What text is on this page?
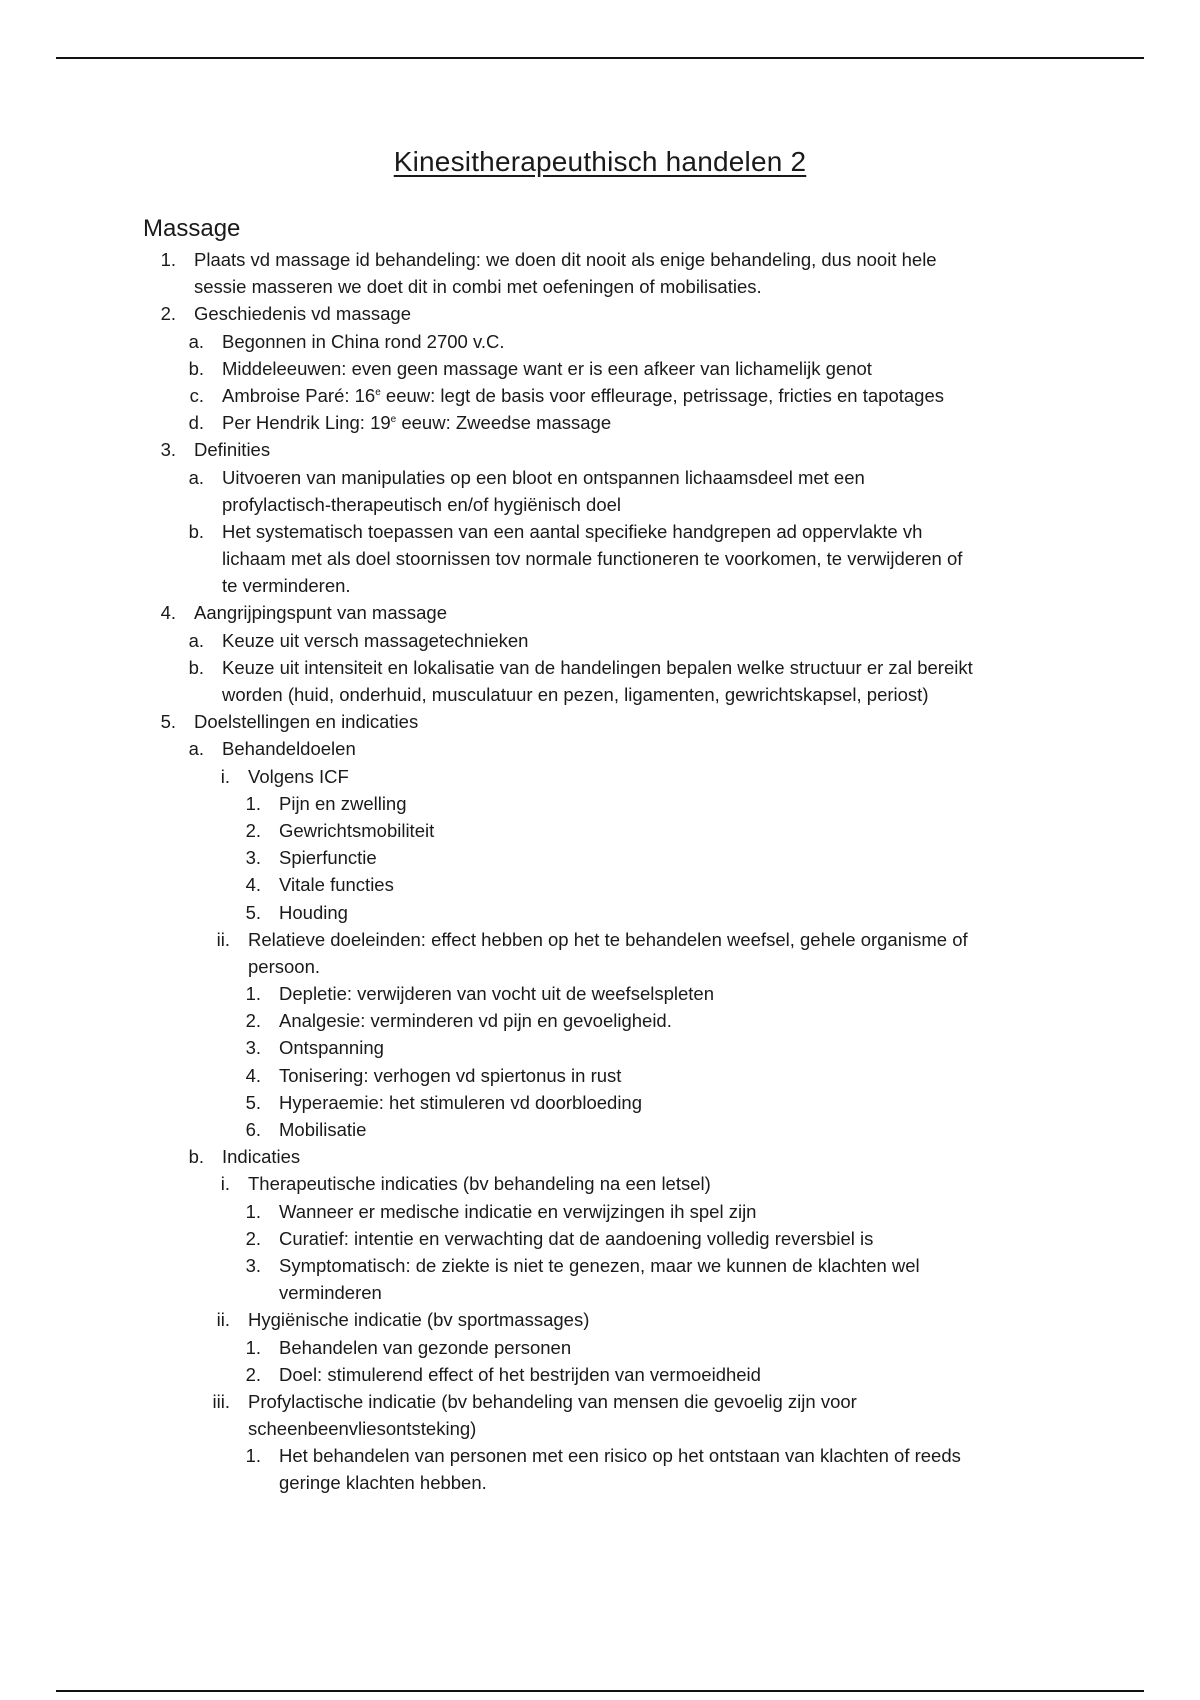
Kinesitherapeuthisch handelen 2
Massage
1. Plaats vd massage id behandeling: we doen dit nooit als enige behandeling, dus nooit hele
sessie masseren we doet dit in combi met oefeningen of mobilisaties.
2. Geschiedenis vd massage
a. Begonnen in China rond 2700 v.C.
b. Middeleeuwen: even geen massage want er is een afkeer van lichamelijk genot
c. Ambroise Paré: 16e eeuw: legt de basis voor effleurage, petrissage, fricties en tapotages
d. Per Hendrik Ling: 19e eeuw: Zweedse massage
3. Definities
a. Uitvoeren van manipulaties op een bloot en ontspannen lichaamsdeel met een
profylactisch-therapeutisch en/of hygiënisch doel
b. Het systematisch toepassen van een aantal specifieke handgrepen ad oppervlakte vh
lichaam met als doel stoornissen tov normale functioneren te voorkomen, te verwijderen of
te verminderen.
4. Aangrijpingspunt van massage
a. Keuze uit versch massagetechnieken
b. Keuze uit intensiteit en lokalisatie van de handelingen bepalen welke structuur er zal bereikt
worden (huid, onderhuid, musculatuur en pezen, ligamenten, gewrichtskapsel, periost)
5. Doelstellingen en indicaties
a. Behandeldoelen
i. Volgens ICF
1. Pijn en zwelling
2. Gewrichtsmobiliteit
3. Spierfunctie
4. Vitale functies
5. Houding
ii. Relatieve doeleinden: effect hebben op het te behandelen weefsel, gehele organisme of
persoon.
1. Depletie: verwijderen van vocht uit de weefselspleten
2. Analgesie: verminderen vd pijn en gevoeligheid.
3. Ontspanning
4. Tonisering: verhogen vd spiertonus in rust
5. Hyperaemie: het stimuleren vd doorbloeding
6. Mobilisatie
b. Indicaties
i. Therapeutische indicaties (bv behandeling na een letsel)
1. Wanneer er medische indicatie en verwijzingen ih spel zijn
2. Curatief: intentie en verwachting dat de aandoening volledig reversbiel is
3. Symptomatisch: de ziekte is niet te genezen, maar we kunnen de klachten wel
verminderen
ii. Hygiënische indicatie (bv sportmassages)
1. Behandelen van gezonde personen
2. Doel: stimulerend effect of het bestrijden van vermoeidheid
iii. Profylactische indicatie (bv behandeling van mensen die gevoelig zijn voor
scheenbeenvliesontsteking)
1. Het behandelen van personen met een risico op het ontstaan van klachten of reeds
geringe klachten hebben.
